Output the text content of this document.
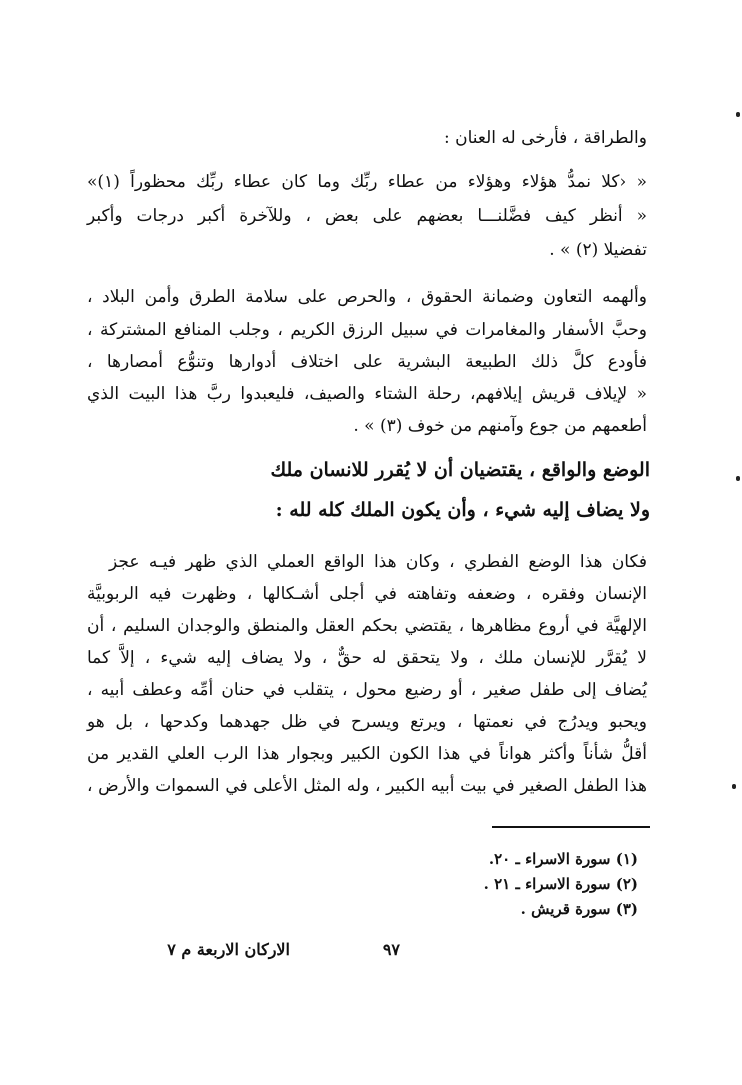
والطراقة ، فأرخى له العنان :
« ‹كلا نمدُّ هؤلاء وهؤلاء من عطاء ربِّك وما كان عطاء ربِّك محظوراً (١)»
« أنظر كيف فضَّلنـــا بعضهم على بعض ، وللآخرة أكبر درجات وأكبر
تفضيلا (٢) » .
وألهمه التعاون وضمانة الحقوق ، والحرص على سلامة الطرق وأمن البلاد ،
وحبَّ الأسفار والمغامرات في سبيل الرزق الكريم ، وجلب المنافع المشتركة ،
فأودع كلَّ ذلك الطبيعة البشرية على اختلاف أدوارها وتنوُّع أمصارها ،
« لإيلاف قريش إيلافهم، رحلة الشتاء والصيف، فليعبدوا ربَّ هذا البيت الذي
أطعمهم من جوع وآمنهم من خوف (٣) » .
الوضع والواقع ، يقتضيان أن لا يُقرر للانسان ملك
ولا يضاف إليه شيء ، وأن يكون الملك كله لله :
فكان هذا الوضع الفطري ، وكان هذا الواقع العملي الذي ظهر فيـه عجز
الإنسان وفقره ، وضعفه وتفاهته في أجلى أشـكالها ، وظهرت فيه الربوبيَّة
الإلهيَّة في أروع مظاهرها ، يقتضي بحكم العقل والمنطق والوجدان السليم ، أن
لا يُقرَّر للإنسان ملك ، ولا يتحقق له حقٌّ ، ولا يضاف إليه شيء ، إلاَّ كما
يُضاف إلى طفل صغير ، أو رضيع محول ، يتقلب في حنان أمِّه وعطف أبيه ،
ويحبو ويدرُج في نعمتها ، ويرتع ويسرح في ظل جهدهما وكدحها ، بل هو
أقلُّ شأناً وأكثر هواناً في هذا الكون الكبير وبجوار هذا الرب العلي القدير من
هذا الطفل الصغير في بيت أبيه الكبير ، وله المثل الأعلى في السموات والأرض ،
(١) سورة الاسراء ـ ٢٠.
(٢) سورة الاسراء ـ ٢١ .
(٣) سورة قريش .
٩٧
الاركان الاربعة م ٧
